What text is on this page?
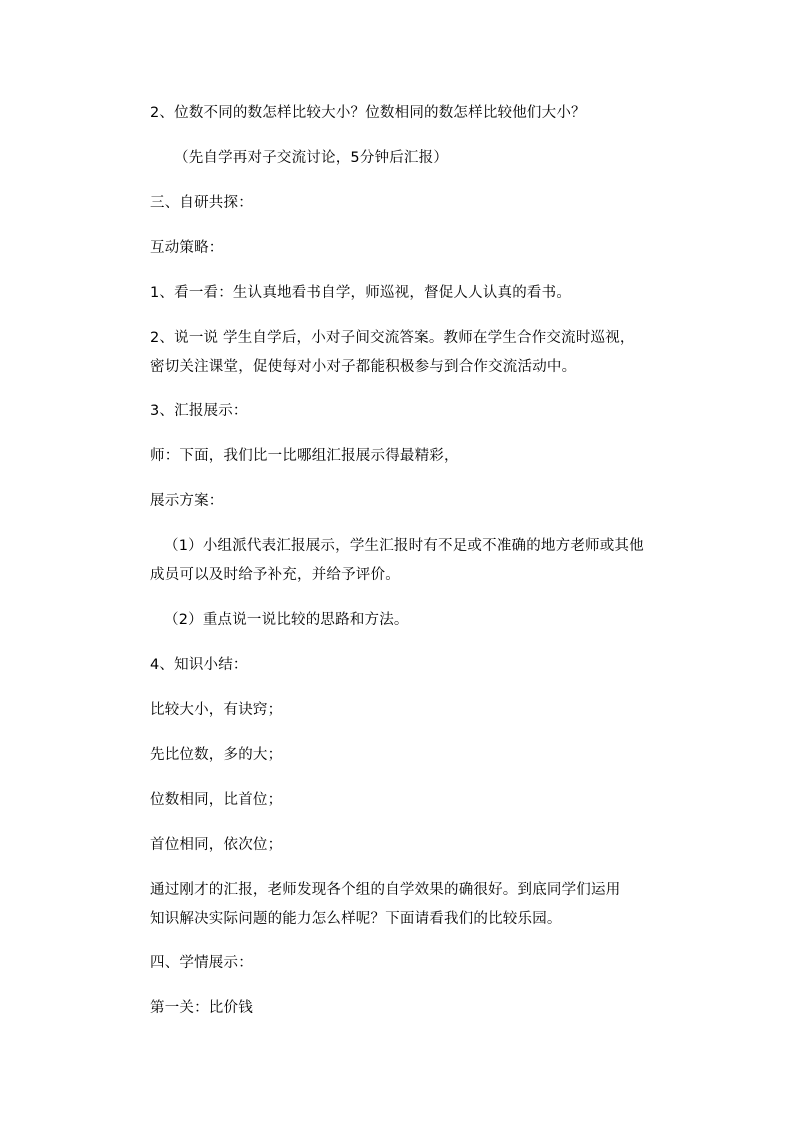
2、位数不同的数怎样比较大小？位数相同的数怎样比较他们大小？
（先自学再对子交流讨论，5分钟后汇报）
三、自研共探：
互动策略：
1、看一看：生认真地看书自学，师巡视，督促人人认真的看书。
2、说一说 学生自学后，小对子间交流答案。教师在学生合作交流时巡视，
密切关注课堂，促使每对小对子都能积极参与到合作交流活动中。
3、汇报展示：
师：下面，我们比一比哪组汇报展示得最精彩，
展示方案：
（1）小组派代表汇报展示，学生汇报时有不足或不准确的地方老师或其他
成员可以及时给予补充，并给予评价。
（2）重点说一说比较的思路和方法。
4、知识小结：
比较大小，有诀窍；
先比位数，多的大；
位数相同，比首位；
首位相同，依次位；
通过刚才的汇报，老师发现各个组的自学效果的确很好。到底同学们运用
知识解决实际问题的能力怎么样呢？下面请看我们的比较乐园。
四、学情展示：
第一关：比价钱
